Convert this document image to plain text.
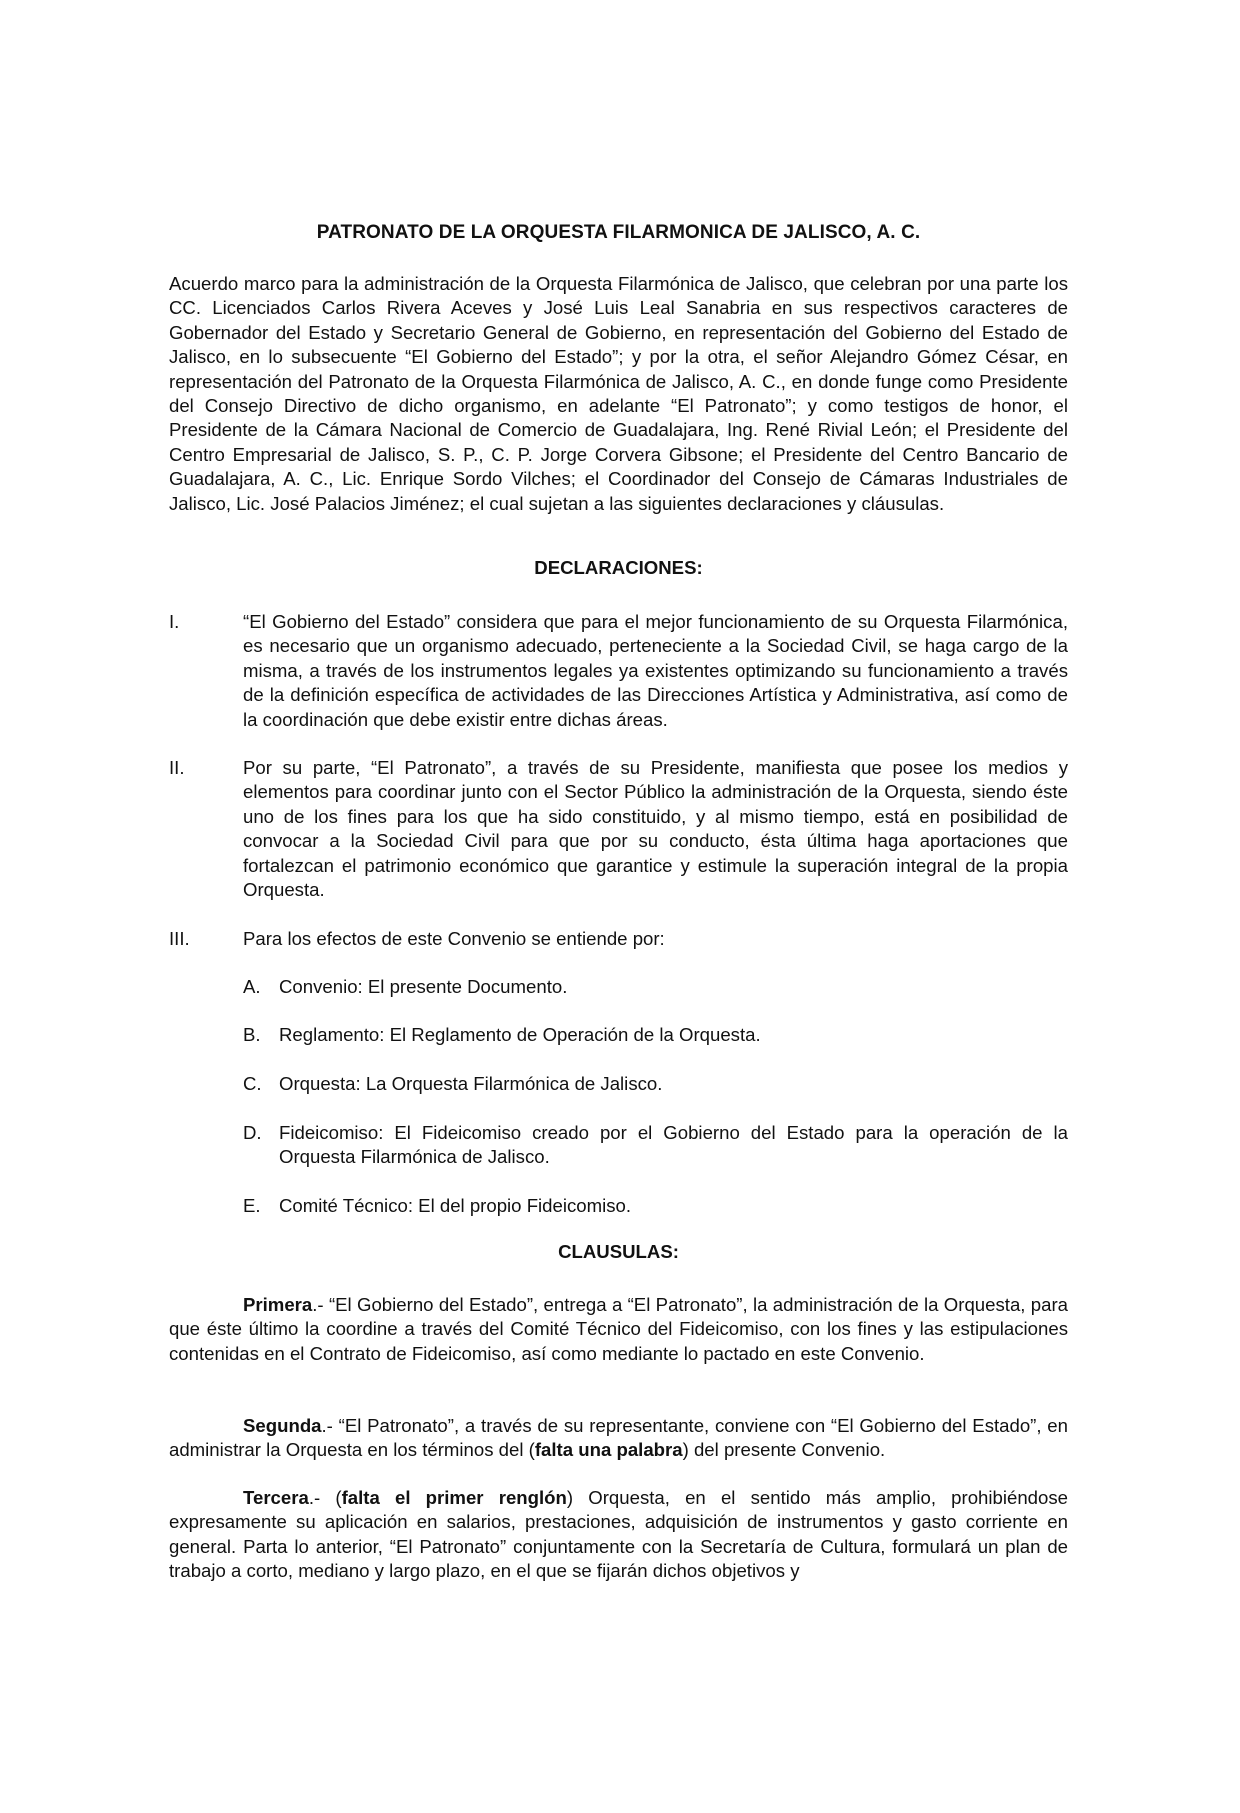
PATRONATO DE LA ORQUESTA FILARMONICA DE JALISCO, A. C.

Acuerdo marco para la administración de la Orquesta Filarmónica de Jalisco, que celebran por una parte los CC. Licenciados Carlos Rivera Aceves y José Luis Leal Sanabria en sus respectivos caracteres de Gobernador del Estado y Secretario General de Gobierno, en representación del Gobierno del Estado de Jalisco, en lo subsecuente “El Gobierno del Estado”; y por la otra, el señor Alejandro Gómez César, en representación del Patronato de la Orquesta Filarmónica de Jalisco, A. C., en donde funge como Presidente del Consejo Directivo de dicho organismo, en adelante “El Patronato”; y como testigos de honor, el Presidente de la Cámara Nacional de Comercio de Guadalajara, Ing. René Rivial León; el Presidente del Centro Empresarial de Jalisco, S. P., C. P. Jorge Corvera Gibsone; el Presidente del Centro Bancario de Guadalajara, A. C., Lic. Enrique Sordo Vilches; el Coordinador del Consejo de Cámaras Industriales de Jalisco, Lic. José Palacios Jiménez; el cual sujetan a las siguientes declaraciones y cláusulas.

DECLARACIONES:
I.	“El Gobierno del Estado” considera que para el mejor funcionamiento de su Orquesta Filarmónica, es necesario que un organismo adecuado, perteneciente a la Sociedad Civil, se haga cargo de la misma, a través de los instrumentos legales ya existentes optimizando su funcionamiento a través de la definición específica de actividades de las Direcciones Artística y Administrativa, así como de la coordinación que debe existir entre dichas áreas.
II.	Por su parte, “El Patronato”, a través de su Presidente, manifiesta que posee los medios y elementos para coordinar junto con el Sector Público la administración de la Orquesta, siendo éste uno de los fines para los que ha sido constituido, y al mismo tiempo, está en posibilidad de convocar a la Sociedad Civil para que por su conducto, ésta última haga aportaciones que fortalezcan el patrimonio económico que garantice y estimule la superación integral de la propia Orquesta.
III.	Para los efectos de este Convenio se entiende por:
A. Convenio: El presente Documento.
B. Reglamento: El Reglamento de Operación de la Orquesta.
C. Orquesta: La Orquesta Filarmónica de Jalisco.
D. Fideicomiso: El Fideicomiso creado por el Gobierno del Estado para la operación de la Orquesta Filarmónica de Jalisco.
E. Comité Técnico: El del propio Fideicomiso.
CLAUSULAS:

Primera.- “El Gobierno del Estado”, entrega a “El Patronato”, la administración de la Orquesta, para que éste último la coordine a través del Comité Técnico del Fideicomiso, con los fines y las estipulaciones contenidas en el Contrato de Fideicomiso, así como mediante lo pactado en este Convenio.

Segunda.- “El Patronato”, a través de su representante, conviene con “El Gobierno del Estado”, en administrar la Orquesta en los términos del (falta una palabra) del presente Convenio.

Tercera.- (falta el primer renglón) Orquesta, en el sentido más amplio, prohibiéndose expresamente su aplicación en salarios, prestaciones, adquisición de instrumentos y gasto corriente en general. Parta lo anterior, “El Patronato” conjuntamente con la Secretaría de Cultura, formulará un plan de trabajo a corto, mediano y largo plazo, en el que se fijarán dichos objetivos y
